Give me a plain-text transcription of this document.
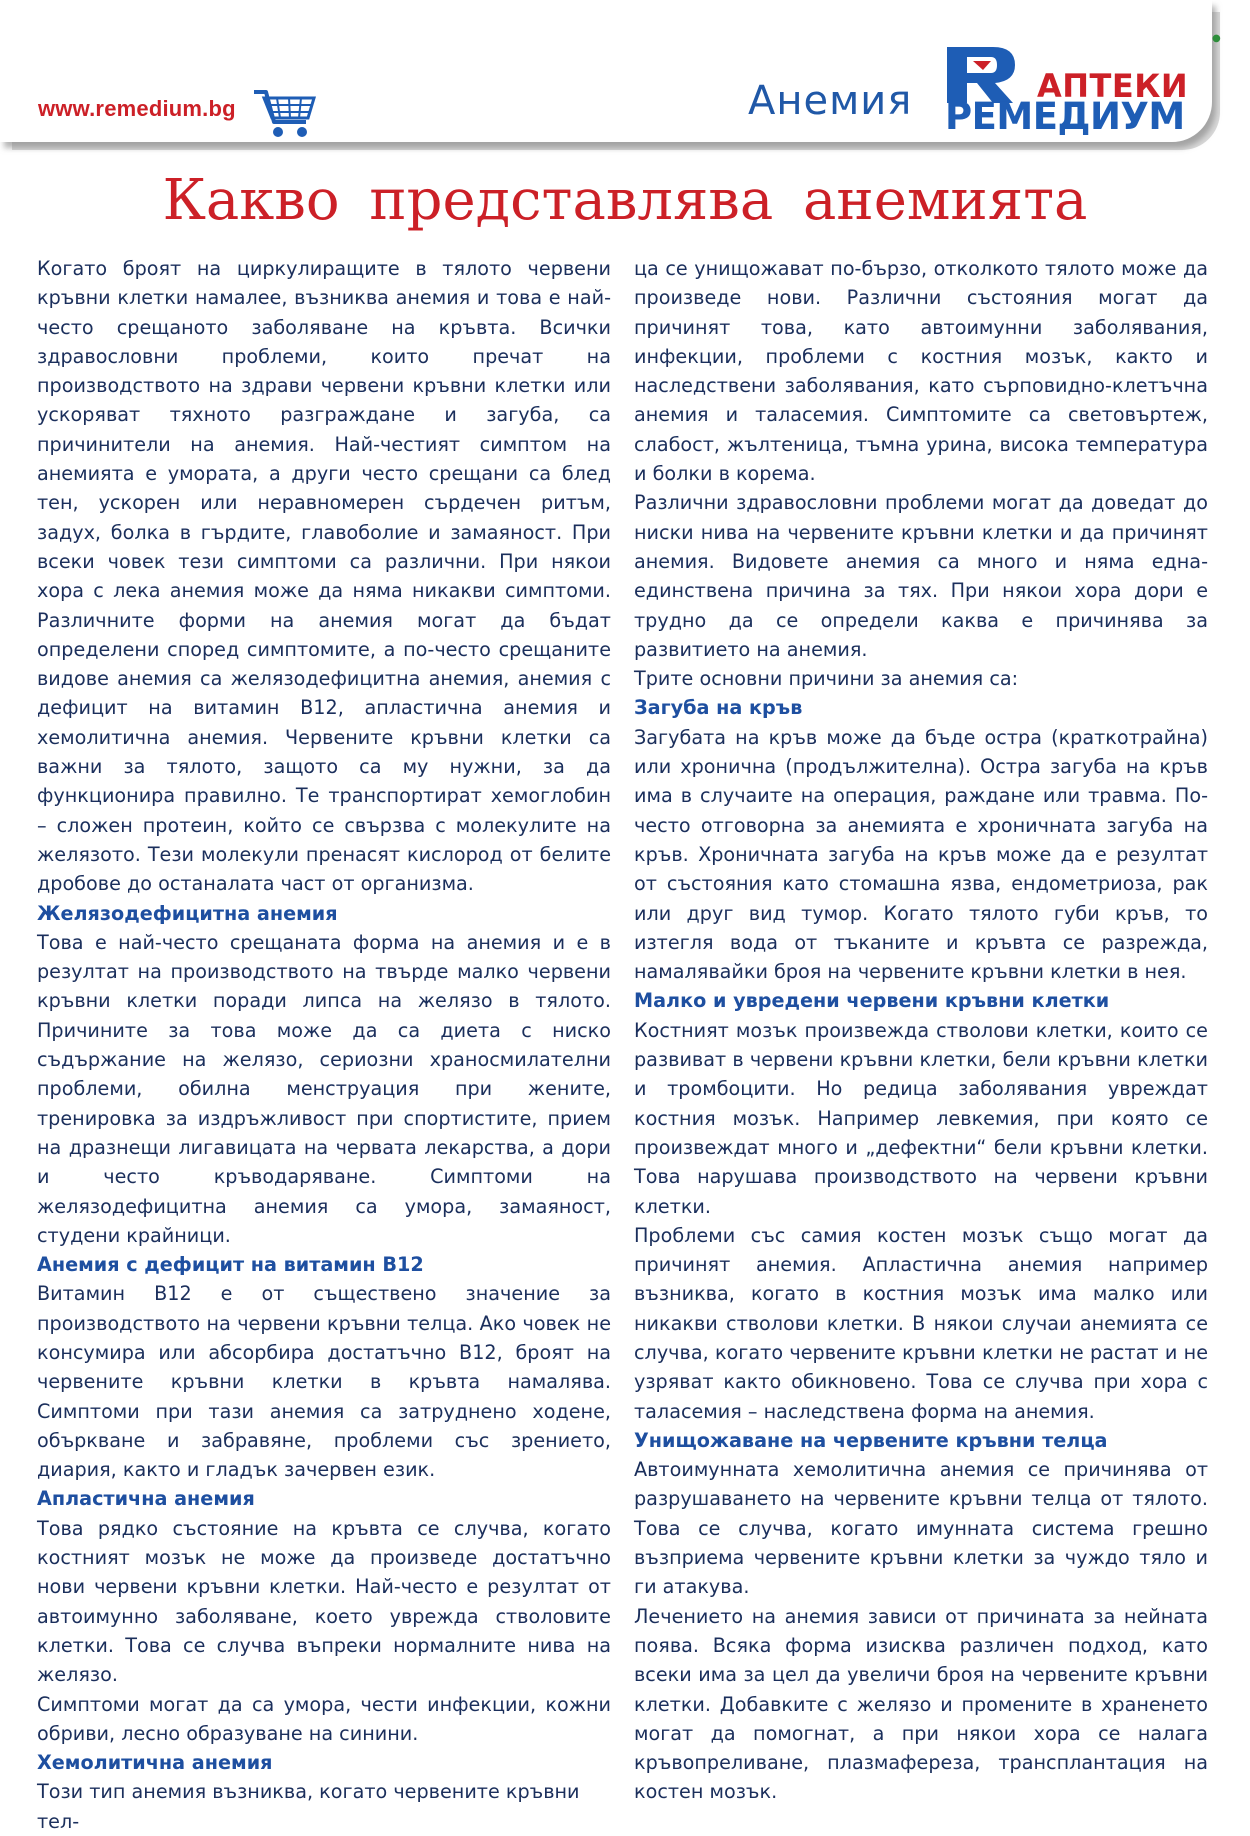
www.remedium.bg	Анемия	АПТЕКИ
РЕМЕДИУМ
●
Какво представлява анемията

Когато броят на циркулиращите в тялото червени кръвни клетки намалее, възниква анемия и това е най-често срещаното заболяване на кръвта. Всички здравословни проблеми, които пречат на производството на здрави червени кръвни клетки или ускоряват тяхното разграждане и загуба, са причинители на анемия. Най-честият симптом на анемията е умората, а други често срещани са блед тен, ускорен или неравномерен сърдечен ритъм, задух, болка в гърдите, главоболие и замаяност. При всеки човек тези симптоми са различни. При някои хора с лека анемия може да няма никакви симптоми. Различните форми на анемия могат да бъдат определени според симптомите, а по-често срещаните видове анемия са желязодефицитна анемия, анемия с дефицит на витамин B12, апластична анемия и хемолитична анемия. Червените кръвни клетки са важни за тялото, защото са му нужни, за да функционира правилно. Те транспортират хемоглобин – сложен протеин, който се свързва с молекулите на желязото. Тези молекули пренасят кислород от белите дробове до останалата част от организма.

Желязодефицитна анемия

Това е най-често срещаната форма на анемия и е в резултат на производството на твърде малко червени кръвни клетки поради липса на желязо в тялото. Причините за това може да са диета с ниско съдържание на желязо, сериозни храносмилателни проблеми, обилна менструация при жените, тренировка за издръжливост при спортистите, прием на дразнещи лигавицата на червата лекарства, а дори и често кръводаряване. Симптоми на желязодефицитна анемия са умора, замаяност, студени крайници.

Анемия с дефицит на витамин B12

Витамин B12 е от съществено значение за производството на червени кръвни телца. Ако човек не консумира или абсорбира достатъчно B12, броят на червените кръвни клетки в кръвта намалява. Симптоми при тази анемия са затруднено ходене, объркване и забравяне, проблеми със зрението, диария, както и гладък зачервен език.

Апластична анемия

Това рядко състояние на кръвта се случва, когато костният мозък не може да произведе достатъчно нови червени кръвни клетки. Най-често е резултат от автоимунно заболяване, което уврежда стволовите клетки. Това се случва въпреки нормалните нива на желязо.

Симптоми могат да са умора, чести инфекции, кожни обриви, лесно образуване на синини.

Хемолитична анемия

Този тип анемия възниква, когато червените кръвни тел-

ца се унищожават по-бързо, отколкото тялото може да произведе нови. Различни състояния могат да причинят това, като автоимунни заболявания, инфекции, проблеми с костния мозък, както и наследствени заболявания, като сърповидно-клетъчна анемия и таласемия. Симптомите са световъртеж, слабост, жълтеница, тъмна урина, висока температура и болки в корема.

Различни здравословни проблеми могат да доведат до ниски нива на червените кръвни клетки и да причинят анемия. Видовете анемия са много и няма една-единствена причина за тях. При някои хора дори е трудно да се определи каква е причинява за развитието на анемия.

Трите основни причини за анемия са:

Загуба на кръв

Загубата на кръв може да бъде остра (краткотрайна) или хронична (продължителна). Остра загуба на кръв има в случаите на операция, раждане или травма. По-често отговорна за анемията е хроничната загуба на кръв. Хроничната загуба на кръв може да е резултат от състояния като стомашна язва, ендометриоза, рак или друг вид тумор. Когато тялото губи кръв, то изтегля вода от тъканите и кръвта се разрежда, намалявайки броя на червените кръвни клетки в нея.

Малко и увредени червени кръвни клетки

Костният мозък произвежда стволови клетки, които се развиват в червени кръвни клетки, бели кръвни клетки и тромбоцити. Но редица заболявания увреждат костния мозък. Например левкемия, при която се произвеждат много и „дефектни“ бели кръвни клетки. Това нарушава производството на червени кръвни клетки.

Проблеми със самия костен мозък също могат да причинят анемия. Апластична анемия например възниква, когато в костния мозък има малко или никакви стволови клетки. В някои случаи анемията се случва, когато червените кръвни клетки не растат и не узряват както обикновено. Това се случва при хора с таласемия – наследствена форма на анемия.

Унищожаване на червените кръвни телца

Автоимунната хемолитична анемия се причинява от разрушаването на червените кръвни телца от тялото. Това се случва, когато имунната система грешно възприема червените кръвни клетки за чуждо тяло и ги атакува.

Лечението на анемия зависи от причината за нейната поява. Всяка форма изисква различен подход, като всеки има за цел да увеличи броя на червените кръвни клетки. Добавките с желязо и промените в храненето могат да помогнат, а при някои хора се налага кръвопреливане, плазмафереза, трансплантация на костен мозък.
